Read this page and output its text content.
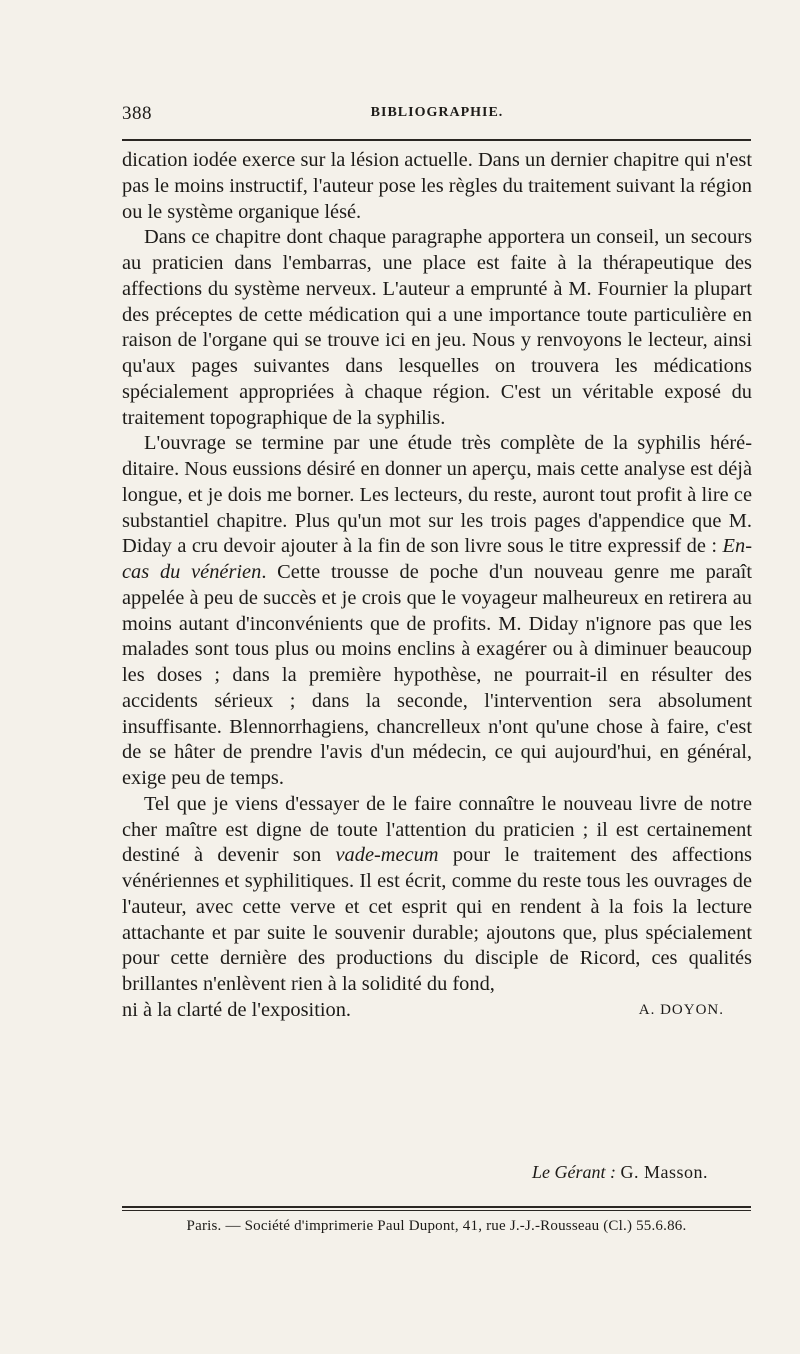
388	BIBLIOGRAPHIE.

dication iodée exerce sur la lésion actuelle. Dans un dernier chapitre qui n'est pas le moins instructif, l'auteur pose les règles du traitement suivant la région ou le système organique lésé.

Dans ce chapitre dont chaque paragraphe apportera un conseil, un secours au praticien dans l'embarras, une place est faite à la thérapeutique des affections du système nerveux. L'auteur a emprunté à M. Fournier la plupart des préceptes de cette médication qui a une importance toute particulière en raison de l'organe qui se trouve ici en jeu. Nous y renvoyons le lecteur, ainsi qu'aux pages suivantes dans lesquelles on trouvera les médications spécialement appropriées à chaque région. C'est un véritable exposé du traitement topographique de la syphilis.

L'ouvrage se termine par une étude très complète de la syphilis héréditaire. Nous eussions désiré en donner un aperçu, mais cette analyse est déjà longue, et je dois me borner. Les lecteurs, du reste, auront tout profit à lire ce substantiel chapitre. Plus qu'un mot sur les trois pages d'appendice que M. Diday a cru devoir ajouter à la fin de son livre sous le titre expressif de : En-cas du vénérien. Cette trousse de poche d'un nouveau genre me paraît appelée à peu de succès et je crois que le voyageur malheureux en retirera au moins autant d'inconvénients que de profits. M. Diday n'ignore pas que les malades sont tous plus ou moins enclins à exagérer ou à diminuer beaucoup les doses ; dans la première hypothèse, ne pourrait-il en résulter des accidents sérieux ; dans la seconde, l'intervention sera absolument insuffisante. Blennorrhagiens, chancrelleux n'ont qu'une chose à faire, c'est de se hâter de prendre l'avis d'un médecin, ce qui aujourd'hui, en général, exige peu de temps.

Tel que je viens d'essayer de le faire connaître le nouveau livre de notre cher maître est digne de toute l'attention du praticien ; il est certainement destiné à devenir son vade-mecum pour le traitement des affections vénériennes et syphilitiques. Il est écrit, comme du reste tous les ouvrages de l'auteur, avec cette verve et cet esprit qui en rendent à la fois la lecture attachante et par suite le souvenir durable; ajoutons que, plus spécialement pour cette dernière des productions du disciple de Ricord, ces qualités brillantes n'enlèvent rien à la solidité du fond,

ni à la clarté de l'exposition.	A. DOYON.

Le Gérant : G. Masson.
Paris. — Société d'imprimerie Paul Dupont, 41, rue J.-J.-Rousseau (Cl.) 55.6.86.
